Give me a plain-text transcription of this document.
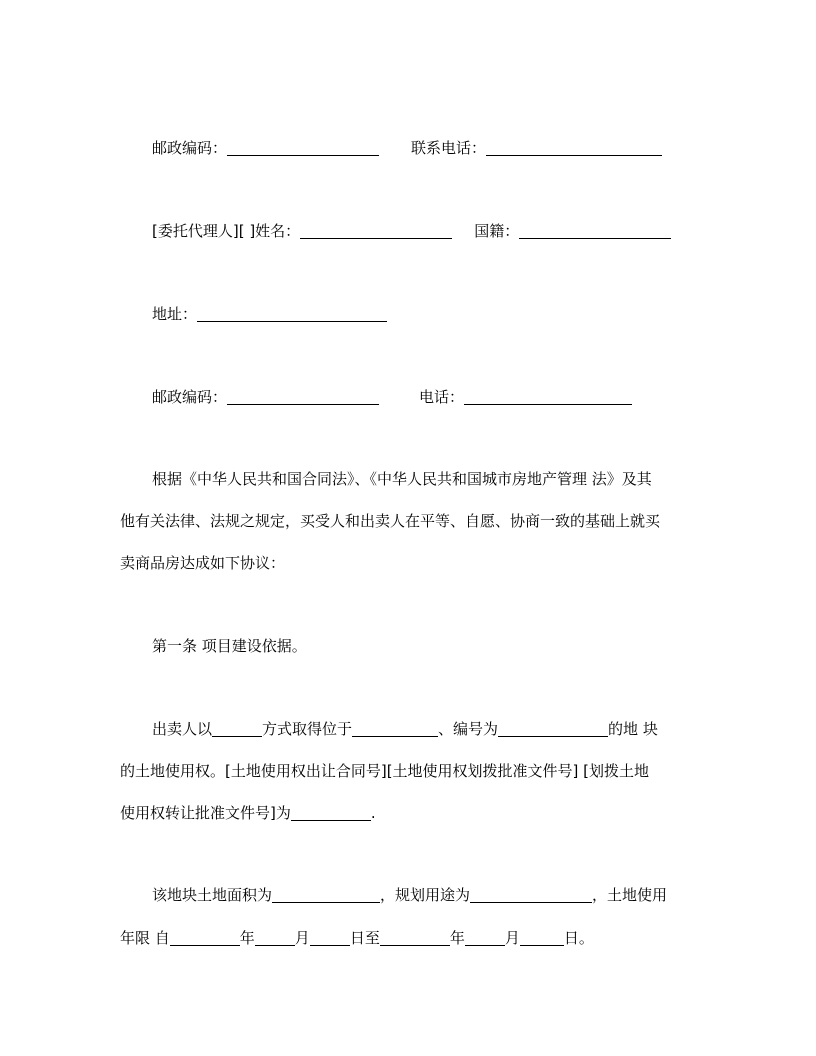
邮政编码：	联系电话：
[委托代理人][ ]姓名：	国籍：
地址：
邮政编码：	电话：
根据《中华人民共和国合同法》、《中华人民共和国城市房地产管理 法》及其
他有关法律、法规之规定，买受人和出卖人在平等、自愿、协商一致的基础上就买
卖商品房达成如下协议：
第一条 项目建设依据。
出卖人以	方式取得位于	、编号为	的地 块
的土地使用权。[土地使用权出让合同号][土地使用权划拨批准文件号] [划拨土地
使用权转让批准文件号]为	.
该地块土地面积为	，规划用途为	，土地使用
年限 自	年	月	日至	年	月	日。
